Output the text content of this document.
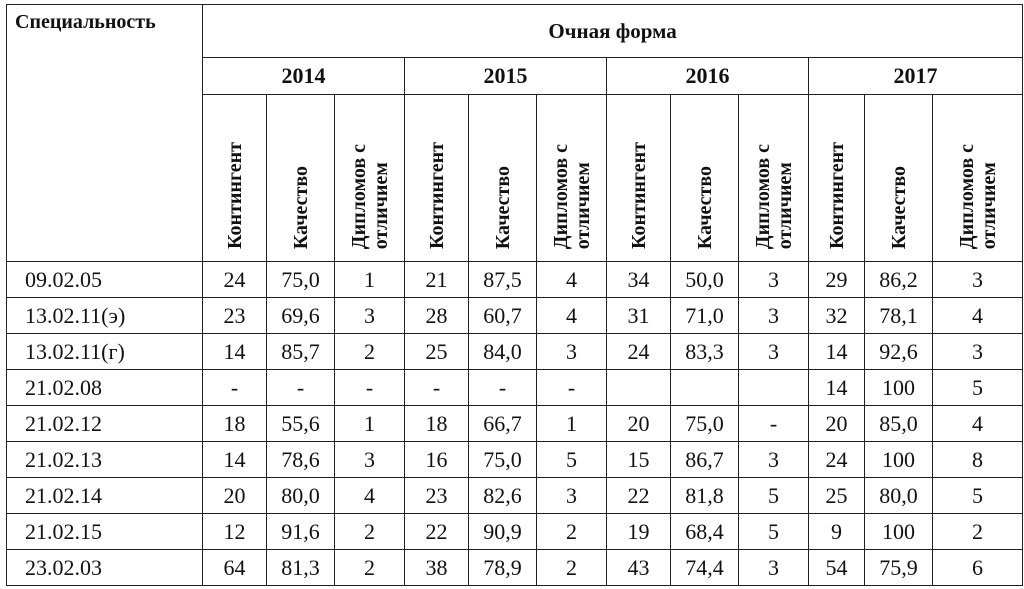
Специальность	Очная форма											
	2014			2015			2016			2017		
	Контингент	Качество	Дипломов с
отличием	Контингент	Качество	Дипломов с
отличием	Контингент	Качество	Дипломов с
отличием	Контингент	Качество	Дипломов с
отличием
09.02.05	24	75,0	1	21	87,5	4	34	50,0	3	29	86,2	3
13.02.11(э)	23	69,6	3	28	60,7	4	31	71,0	3	32	78,1	4
13.02.11(г)	14	85,7	2	25	84,0	3	24	83,3	3	14	92,6	3
21.02.08	-	-	-	-	-	-				14	100	5
21.02.12	18	55,6	1	18	66,7	1	20	75,0	-	20	85,0	4
21.02.13	14	78,6	3	16	75,0	5	15	86,7	3	24	100	8
21.02.14	20	80,0	4	23	82,6	3	22	81,8	5	25	80,0	5
21.02.15	12	91,6	2	22	90,9	2	19	68,4	5	9	100	2
23.02.03	64	81,3	2	38	78,9	2	43	74,4	3	54	75,9	6
